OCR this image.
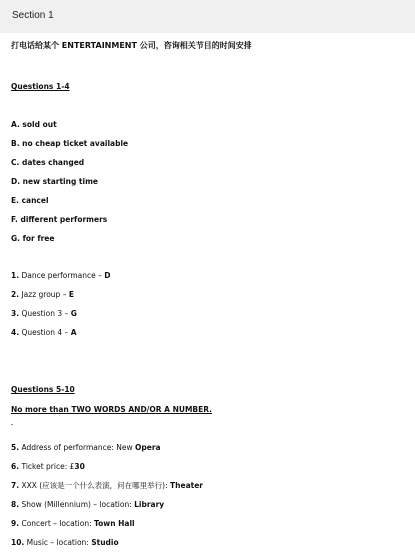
Section 1
打电话给某个 ENTERTAINMENT 公司，咨询相关节目的时间安排
Questions 1-4
A. sold out
B. no cheap ticket available
C. dates changed
D. new starting time
E. cancel
F. different performers
G. for free
1. Dance performance – D
2. Jazz group – E
3. Question 3 – G
4. Question 4 – A
Questions 5-10
No more than TWO WORDS AND/OR A NUMBER.
5. Address of performance: New Opera
6. Ticket price: £30
7. XXX (应该是一个什么表演，问在哪里举行): Theater
8. Show (Millennium) – location: Library
9. Concert – location: Town Hall
10. Music – location: Studio
